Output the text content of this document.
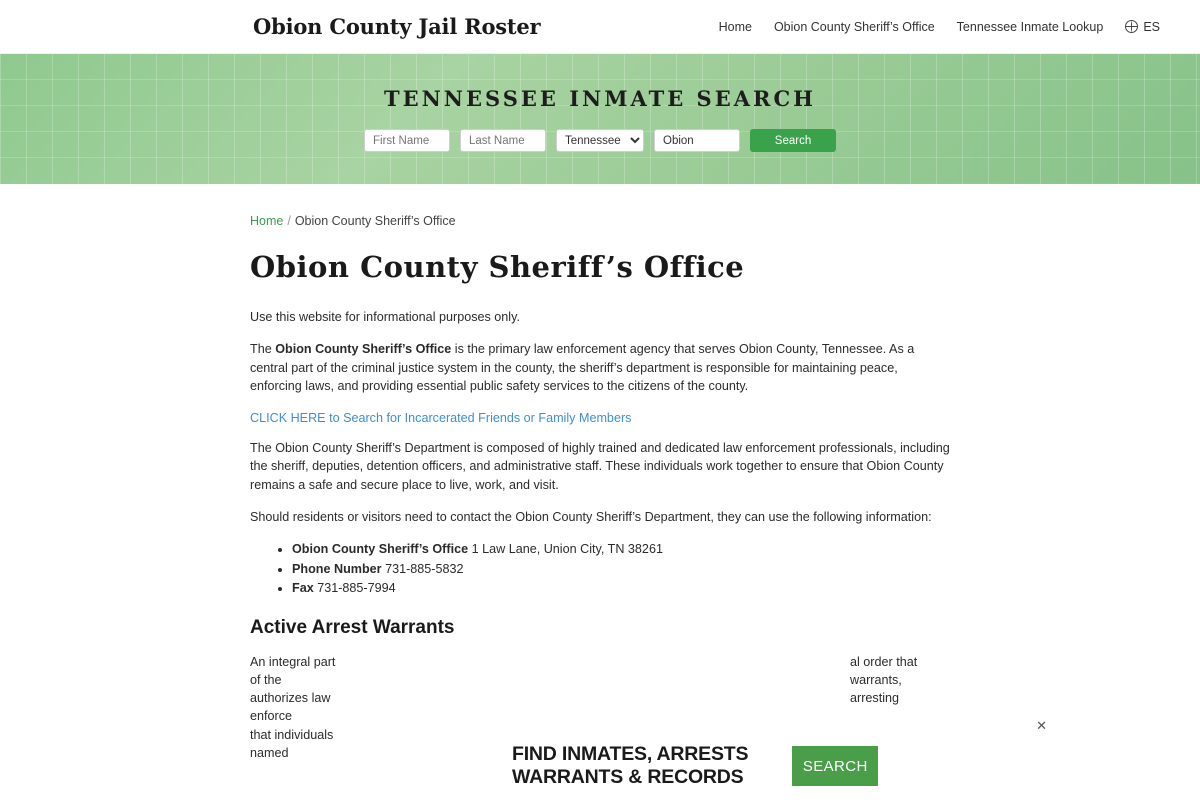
Obion County Jail Roster	Home Obion County Sheriff’s Office Tennessee Inmate Lookup	ES
TENNESSEE INMATE SEARCH
First Name
Last Name
Tennessee
Obion
Search
Home / Obion County Sheriff’s Office
Obion County Sheriff’s Office

Use this website for informational purposes only.

The Obion County Sheriff’s Office is the primary law enforcement agency that serves Obion County, Tennessee. As a central part of the criminal justice system in the county, the sheriff’s department is responsible for maintaining peace, enforcing laws, and providing essential public safety services to the citizens of the county.

CLICK HERE to Search for Incarcerated Friends or Family Members

The Obion County Sheriff’s Department is composed of highly trained and dedicated law enforcement professionals, including the sheriff, deputies, detention officers, and administrative staff. These individuals work together to ensure that Obion County remains a safe and secure place to live, work, and visit.

Should residents or visitors need to contact the Obion County Sheriff’s Department, they can use the following information:

• Obion County Sheriff’s Office 1 Law Lane, Union City, TN 38261
• Phone Number 731-885-5832
• Fax 731-885-7994
Active Arrest Warrants
An integral part of the
authorizes law enforce
that individuals named
al order that
warrants, arresting
✕
FIND INMATES, ARRESTS
WARRANTS & RECORDS	SEARCH
